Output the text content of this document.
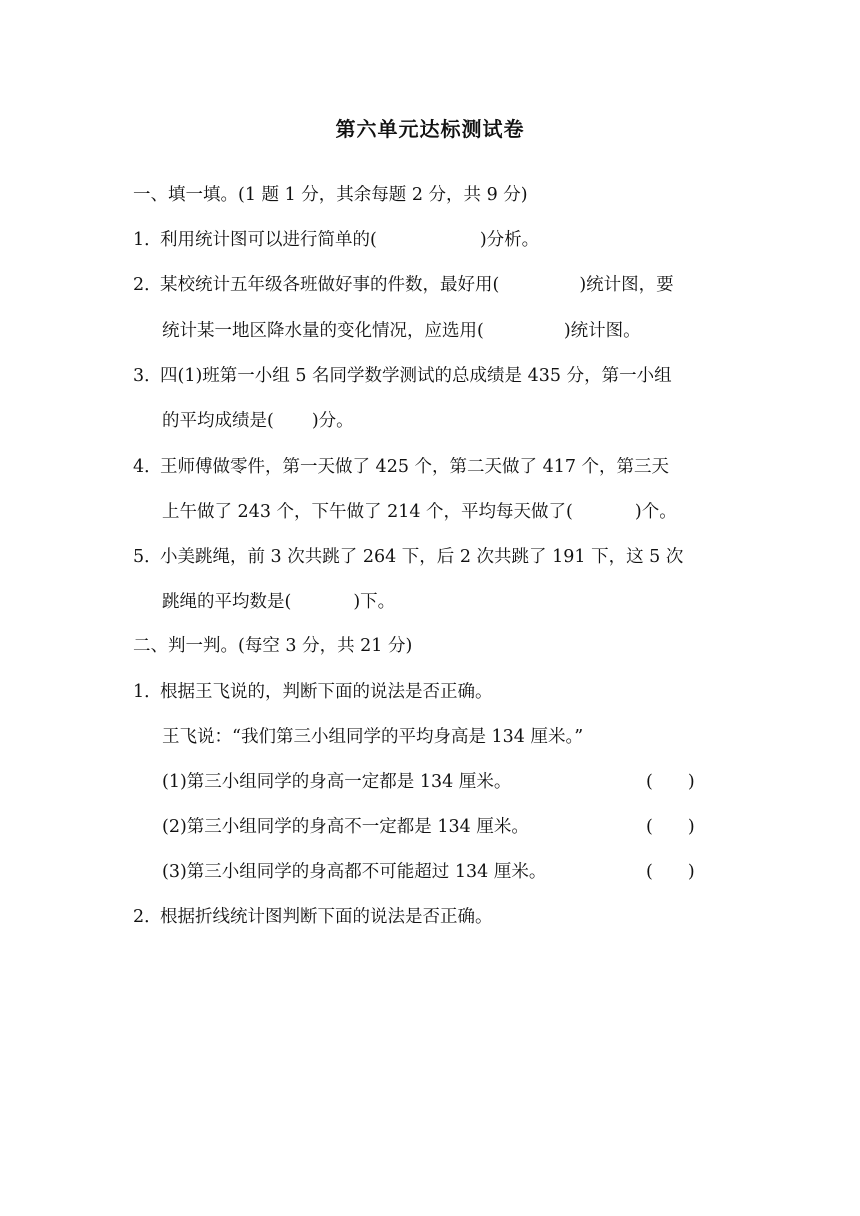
第六单元达标测试卷
一、填一填。(1 题 1 分，其余每题 2 分，共 9 分)
1．利用统计图可以进行简单的(	)分析。
2．某校统计五年级各班做好事的件数，最好用(	)统计图，要
统计某一地区降水量的变化情况，应选用(	)统计图。
3．四(1)班第一小组 5 名同学数学测试的总成绩是 435 分，第一小组
的平均成绩是( )分。
4．王师傅做零件，第一天做了 425 个，第二天做了 417 个，第三天
上午做了 243 个，下午做了 214 个，平均每天做了(	)个。
5．小美跳绳，前 3 次共跳了 264 下，后 2 次共跳了 191 下，这 5 次
跳绳的平均数是(	)下。
二、判一判。(每空 3 分，共 21 分)
1．根据王飞说的，判断下面的说法是否正确。
王飞说：“我们第三小组同学的平均身高是 134 厘米。”
(1)第三小组同学的身高一定都是 134 厘米。	(　　)
(2)第三小组同学的身高不一定都是 134 厘米。	(　　)
(3)第三小组同学的身高都不可能超过 134 厘米。	(　　)
2．根据折线统计图判断下面的说法是否正确。
